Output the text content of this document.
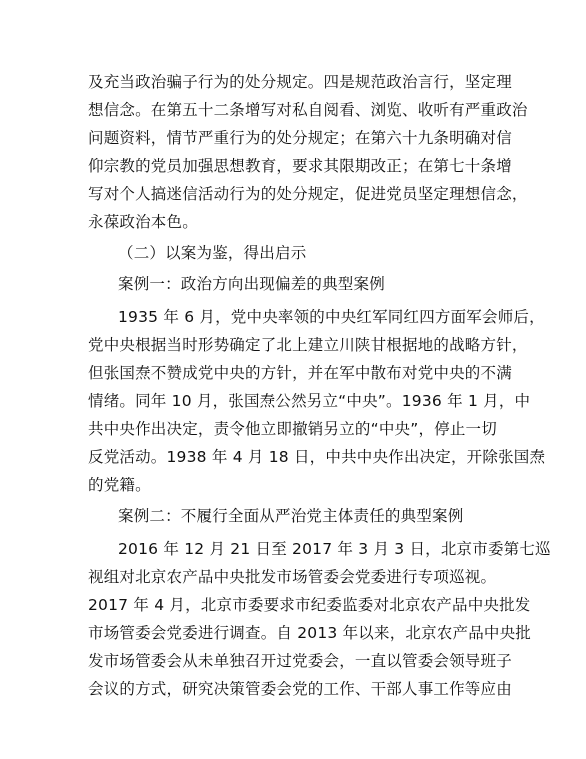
及充当政治骗子行为的处分规定。四是规范政治言行，坚定理
想信念。在第五十二条增写对私自阅看、浏览、收听有严重政治
问题资料，情节严重行为的处分规定；在第六十九条明确对信
仰宗教的党员加强思想教育，要求其限期改正；在第七十条增
写对个人搞迷信活动行为的处分规定，促进党员坚定理想信念，
永葆政治本色。
（二）以案为鉴，得出启示
案例一：政治方向出现偏差的典型案例
1935 年 6 月，党中央率领的中央红军同红四方面军会师后，
党中央根据当时形势确定了北上建立川陕甘根据地的战略方针，
但张国焘不赞成党中央的方针，并在军中散布对党中央的不满
情绪。同年 10 月，张国焘公然另立“中央”。1936 年 1 月，中
共中央作出决定，责令他立即撤销另立的“中央”，停止一切
反党活动。1938 年 4 月 18 日，中共中央作出决定，开除张国焘
的党籍。
案例二：不履行全面从严治党主体责任的典型案例
2016 年 12 月 21 日至 2017 年 3 月 3 日，北京市委第七巡
视组对北京农产品中央批发市场管委会党委进行专项巡视。
2017 年 4 月，北京市委要求市纪委监委对北京农产品中央批发
市场管委会党委进行调查。自 2013 年以来，北京农产品中央批
发市场管委会从未单独召开过党委会，一直以管委会领导班子
会议的方式，研究决策管委会党的工作、干部人事工作等应由
